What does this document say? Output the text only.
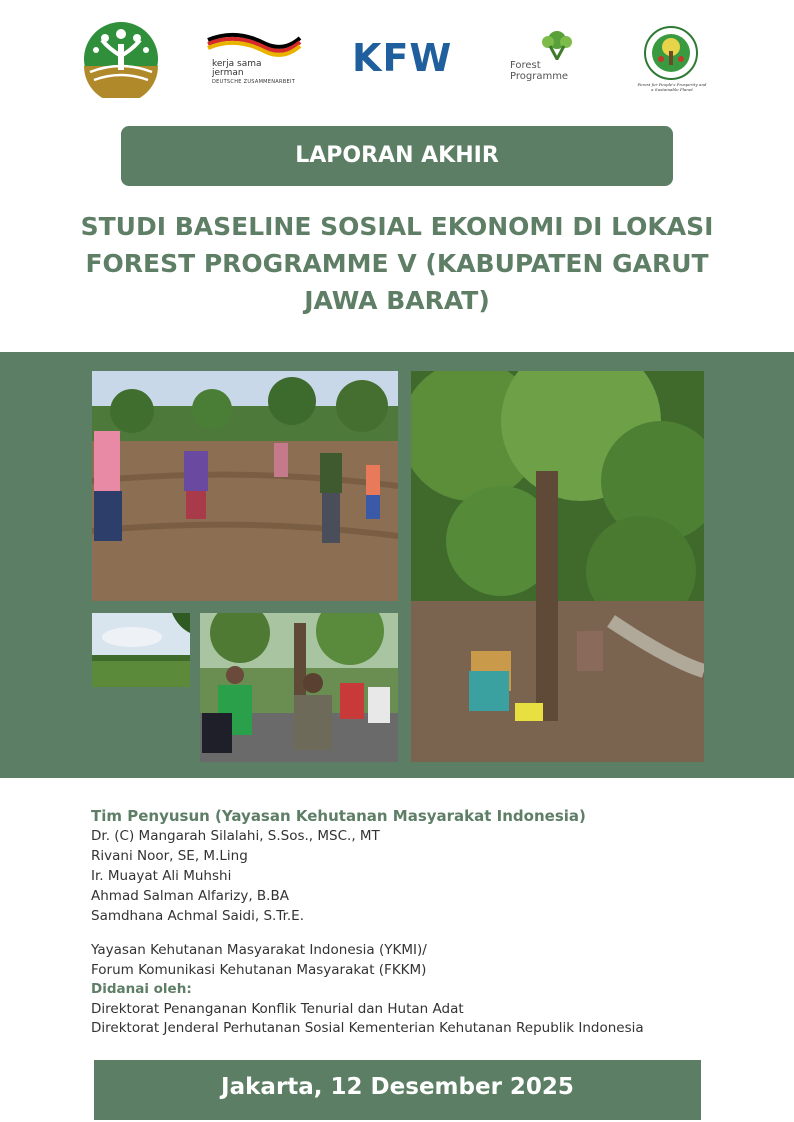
kerja sama
jerman
DEUTSCHE ZUSAMMENARBEIT
KFW	Forest
Programme
Forest for People's Prosperity and a Sustainable Planet
LAPORAN AKHIR
STUDI BASELINE SOSIAL EKONOMI DI LOKASI
FOREST PROGRAMME V (KABUPATEN GARUT
JAWA BARAT)
Tim Penyusun (Yayasan Kehutanan Masyarakat Indonesia)
Dr. (C) Mangarah Silalahi, S.Sos., MSC., MT
Rivani Noor, SE, M.Ling
Ir. Muayat Ali Muhshi
Ahmad Salman Alfarizy, B.BA
Samdhana Achmal Saidi, S.Tr.E.
Yayasan Kehutanan Masyarakat Indonesia (YKMI)/
Forum Komunikasi Kehutanan Masyarakat (FKKM)
Didanai oleh:
Direktorat Penanganan Konflik Tenurial dan Hutan Adat
Direktorat Jenderal Perhutanan Sosial Kementerian Kehutanan Republik Indonesia
Jakarta, 12 Desember 2025
